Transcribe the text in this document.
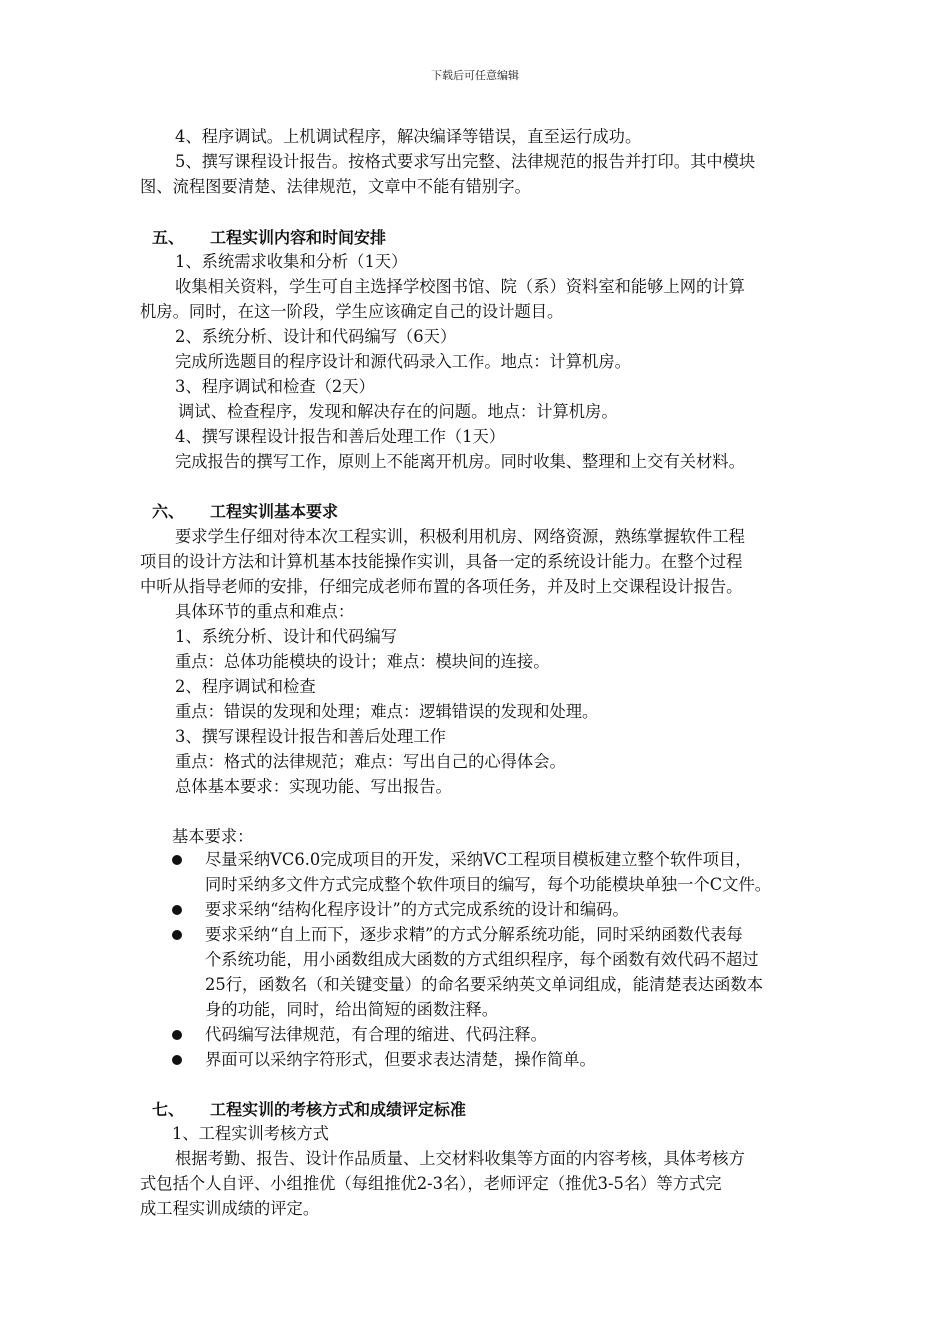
下载后可任意编辑
4、程序调试。上机调试程序，解决编译等错误，直至运行成功。
5、撰写课程设计报告。按格式要求写出完整、法律规范的报告并打印。其中模块
图、流程图要清楚、法律规范，文章中不能有错别字。
五、 工程实训内容和时间安排
1、系统需求收集和分析（1天）
收集相关资料，学生可自主选择学校图书馆、院（系）资料室和能够上网的计算
机房。同时，在这一阶段，学生应该确定自己的设计题目。
2、系统分析、设计和代码编写（6天）
完成所选题目的程序设计和源代码录入工作。地点：计算机房。
3、程序调试和检查（2天）
调试、检查程序，发现和解决存在的问题。地点：计算机房。
4、撰写课程设计报告和善后处理工作（1天）
完成报告的撰写工作，原则上不能离开机房。同时收集、整理和上交有关材料。
六、 工程实训基本要求
要求学生仔细对待本次工程实训，积极利用机房、网络资源，熟练掌握软件工程
项目的设计方法和计算机基本技能操作实训，具备一定的系统设计能力。在整个过程
中听从指导老师的安排，仔细完成老师布置的各项任务，并及时上交课程设计报告。
具体环节的重点和难点：
1、系统分析、设计和代码编写
重点：总体功能模块的设计；难点：模块间的连接。
2、程序调试和检查
重点：错误的发现和处理；难点：逻辑错误的发现和处理。
3、撰写课程设计报告和善后处理工作
重点：格式的法律规范；难点：写出自己的心得体会。
总体基本要求：实现功能、写出报告。
基本要求：
尽量采纳VC6.0完成项目的开发，采纳VC工程项目模板建立整个软件项目，
同时采纳多文件方式完成整个软件项目的编写，每个功能模块单独一个C文件。
要求采纳“结构化程序设计”的方式完成系统的设计和编码。
要求采纳“自上而下，逐步求精”的方式分解系统功能，同时采纳函数代表每
个系统功能，用小函数组成大函数的方式组织程序，每个函数有效代码不超过
25行，函数名（和关键变量）的命名要采纳英文单词组成，能清楚表达函数本
身的功能，同时，给出简短的函数注释。
代码编写法律规范，有合理的缩进、代码注释。
界面可以采纳字符形式，但要求表达清楚，操作简单。
七、 工程实训的考核方式和成绩评定标准
1、工程实训考核方式
根据考勤、报告、设计作品质量、上交材料收集等方面的内容考核，具体考核方
式包括个人自评、小组推优（每组推优2-3名），老师评定（推优3-5名）等方式完
成工程实训成绩的评定。
